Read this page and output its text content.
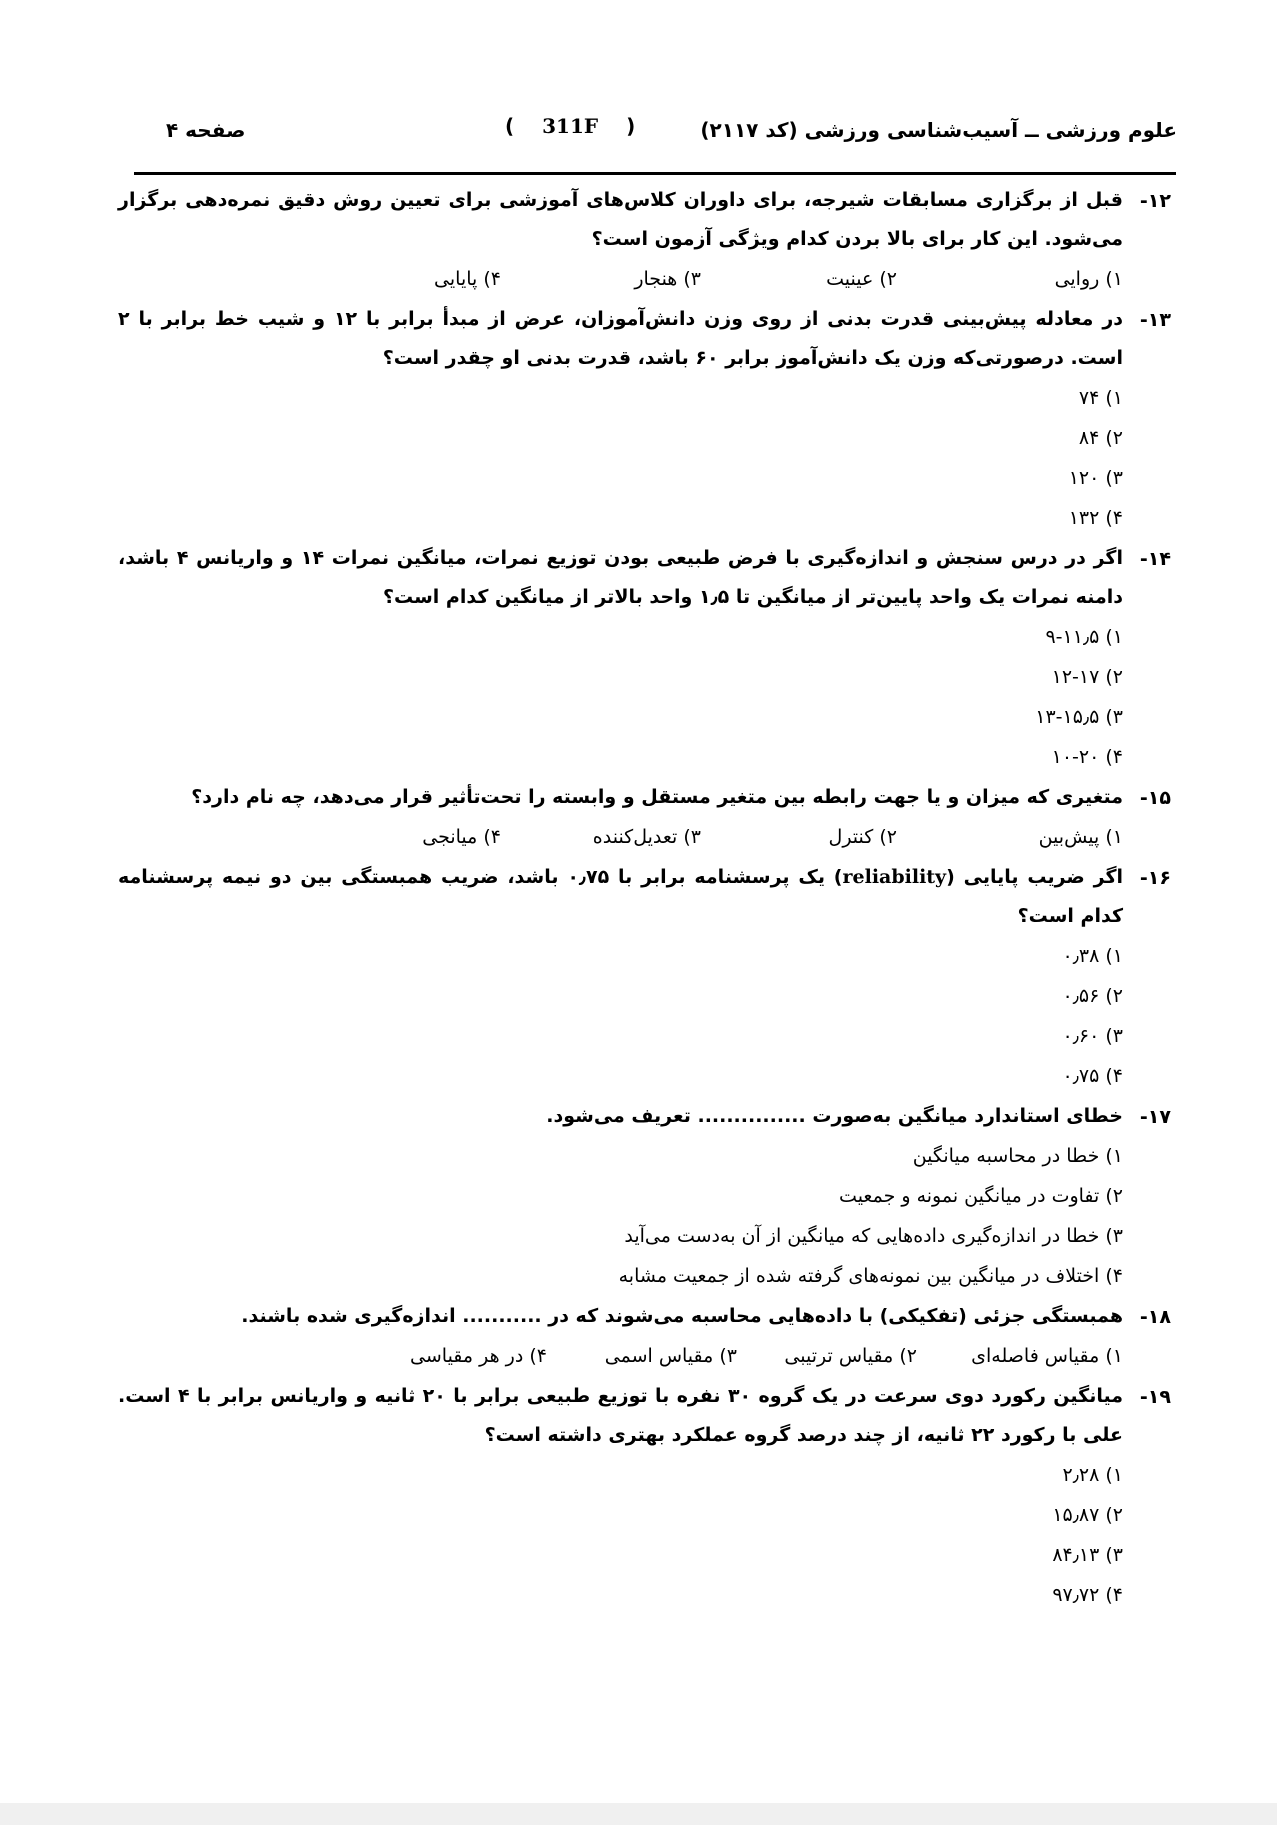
علوم ورزشی ــ آسیب‌شناسی ورزشی (کد ۲۱۱۷)
( 311F )
صفحه ۴
۱۲-
قبل از برگزاری مسابقات شیرجه، برای داوران کلاس‌های آموزشی برای تعیین روش دقیق نمره‌دهی برگزار می‌شود. این کار برای بالا بردن کدام ویژگی آزمون است؟
۱) روایی
۲) عینیت
۳) هنجار
۴) پایایی
۱۳-
در معادله پیش‌بینی قدرت بدنی از روی وزن دانش‌آموزان، عرض از مبدأ برابر با ۱۲ و شیب خط برابر با ۲ است. درصورتی‌که وزن یک دانش‌آموز برابر ۶۰ باشد، قدرت بدنی او چقدر است؟
۱) ۷۴
۲) ۸۴
۳) ۱۲۰
۴) ۱۳۲
۱۴-
اگر در درس سنجش و اندازه‌گیری با فرض طبیعی بودن توزیع نمرات، میانگین نمرات ۱۴ و واریانس ۴ باشد، دامنه نمرات یک واحد پایین‌تر از میانگین تا ۱٫۵ واحد بالاتر از میانگین کدام است؟
۱) ۹-۱۱٫۵
۲) ۱۲-۱۷
۳) ۱۳-۱۵٫۵
۴) ۱۰-۲۰
۱۵-
متغیری که میزان و یا جهت رابطه بین متغیر مستقل و وابسته را تحت‌تأثیر قرار می‌دهد، چه نام دارد؟
۱) پیش‌بین
۲) کنترل
۳) تعدیل‌کننده
۴) میانجی
۱۶-
اگر ضریب پایایی (reliability) یک پرسشنامه برابر با ۰٫۷۵ باشد، ضریب همبستگی بین دو نیمه پرسشنامه کدام است؟
۱) ۰٫۳۸
۲) ۰٫۵۶
۳) ۰٫۶۰
۴) ۰٫۷۵
۱۷-
خطای استاندارد میانگین به‌صورت ............... تعریف می‌شود.
۱) خطا در محاسبه میانگین
۲) تفاوت در میانگین نمونه و جمعیت
۳) خطا در اندازه‌گیری داده‌هایی که میانگین از آن به‌دست می‌آید
۴) اختلاف در میانگین بین نمونه‌های گرفته شده از جمعیت مشابه
۱۸-
همبستگی جزئی (تفکیکی) با داده‌هایی محاسبه می‌شوند که در ........... اندازه‌گیری شده باشند.
۱) مقیاس فاصله‌ای
۲) مقیاس ترتیبی
۳) مقیاس اسمی
۴) در هر مقیاسی
۱۹-
میانگین رکورد دوی سرعت در یک گروه ۳۰ نفره با توزیع طبیعی برابر با ۲۰ ثانیه و واریانس برابر با ۴ است. علی با رکورد ۲۲ ثانیه، از چند درصد گروه عملکرد بهتری داشته است؟
۱) ۲٫۲۸
۲) ۱۵٫۸۷
۳) ۸۴٫۱۳
۴) ۹۷٫۷۲
